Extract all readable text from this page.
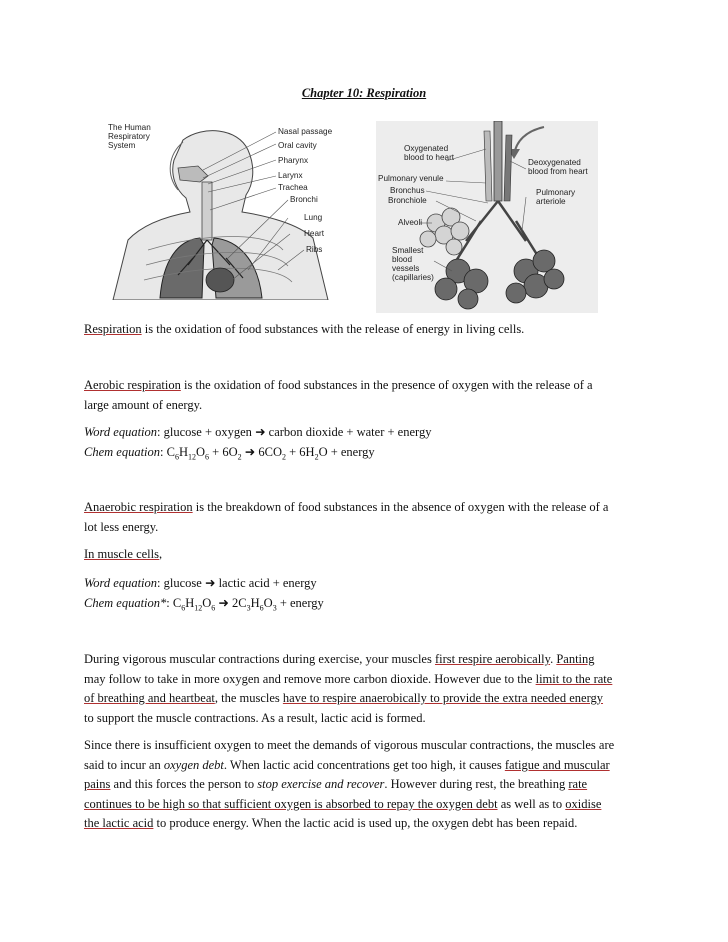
Chapter 10: Respiration
The Human
Respiratory
System
Nasal passage
Oral cavity
Pharynx
Larynx
Trachea
Bronchi
Lung
Heart
Ribs
Oxygenated
blood to heart
Deoxygenated
blood from heart
Pulmonary venule
Bronchus
Bronchiole
Pulmonary
arteriole
Alveoli
Smallest
blood
vessels
(capillaries)
Respiration is the oxidation of food substances with the release of energy in living cells.
Aerobic respiration is the oxidation of food substances in the presence of oxygen with the release of a
large amount of energy.
Word equation: glucose + oxygen ➜ carbon dioxide + water + energy
Chem equation: $C_6H_{12}O_6 + 6O_2$ ➜ $6CO_2 + 6H_2O$ + energy
Anaerobic respiration is the breakdown of food substances in the absence of oxygen with the release of a
lot less energy.
In muscle cells,
Word equation: glucose ➜ lactic acid + energy
Chem equation*: $C_6H_{12}O_6$ ➜ $2C_3H_6O_3$ + energy
During vigorous muscular contractions during exercise, your muscles first respire aerobically. Panting
may follow to take in more oxygen and remove more carbon dioxide. However due to the limit to the rate
of breathing and heartbeat, the muscles have to respire anaerobically to provide the extra needed energy
to support the muscle contractions. As a result, lactic acid is formed.
Since there is insufficient oxygen to meet the demands of vigorous muscular contractions, the muscles are
said to incur an oxygen debt. When lactic acid concentrations get too high, it causes fatigue and muscular
pains and this forces the person to stop exercise and recover. However during rest, the breathing rate
continues to be high so that sufficient oxygen is absorbed to repay the oxygen debt as well as to oxidise
the lactic acid to produce energy. When the lactic acid is used up, the oxygen debt has been repaid.
